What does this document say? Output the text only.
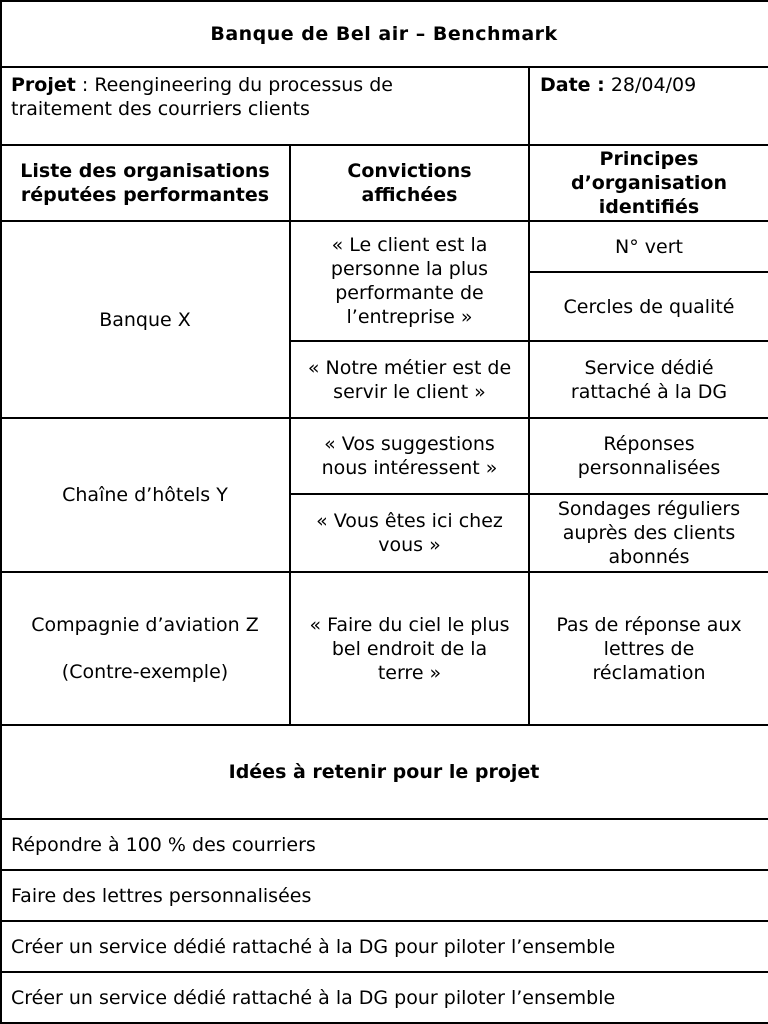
Banque de Bel air – Benchmark
Projet : Reengineering du processus de
traitement des courriers clients
Date : 28/04/09
Liste des organisations
réputées performantes
Convictions
affichées
Principes
d’organisation
identifiés
Banque X
« Le client est la
personne la plus
performante de
l’entreprise »
« Notre métier est de
servir le client »
N° vert
Cercles de qualité
Service dédié
rattaché à la DG
Chaîne d’hôtels Y
« Vos suggestions
nous intéressent »
« Vous êtes ici chez
vous »
Réponses
personnalisées
Sondages réguliers
auprès des clients
abonnés
Compagnie d’aviation Z
(Contre-exemple)
« Faire du ciel le plus
bel endroit de la
terre »
Pas de réponse aux
lettres de
réclamation
Idées à retenir pour le projet
Répondre à 100 % des courriers
Faire des lettres personnalisées
Créer un service dédié rattaché à la DG pour piloter l’ensemble
Créer un service dédié rattaché à la DG pour piloter l’ensemble
